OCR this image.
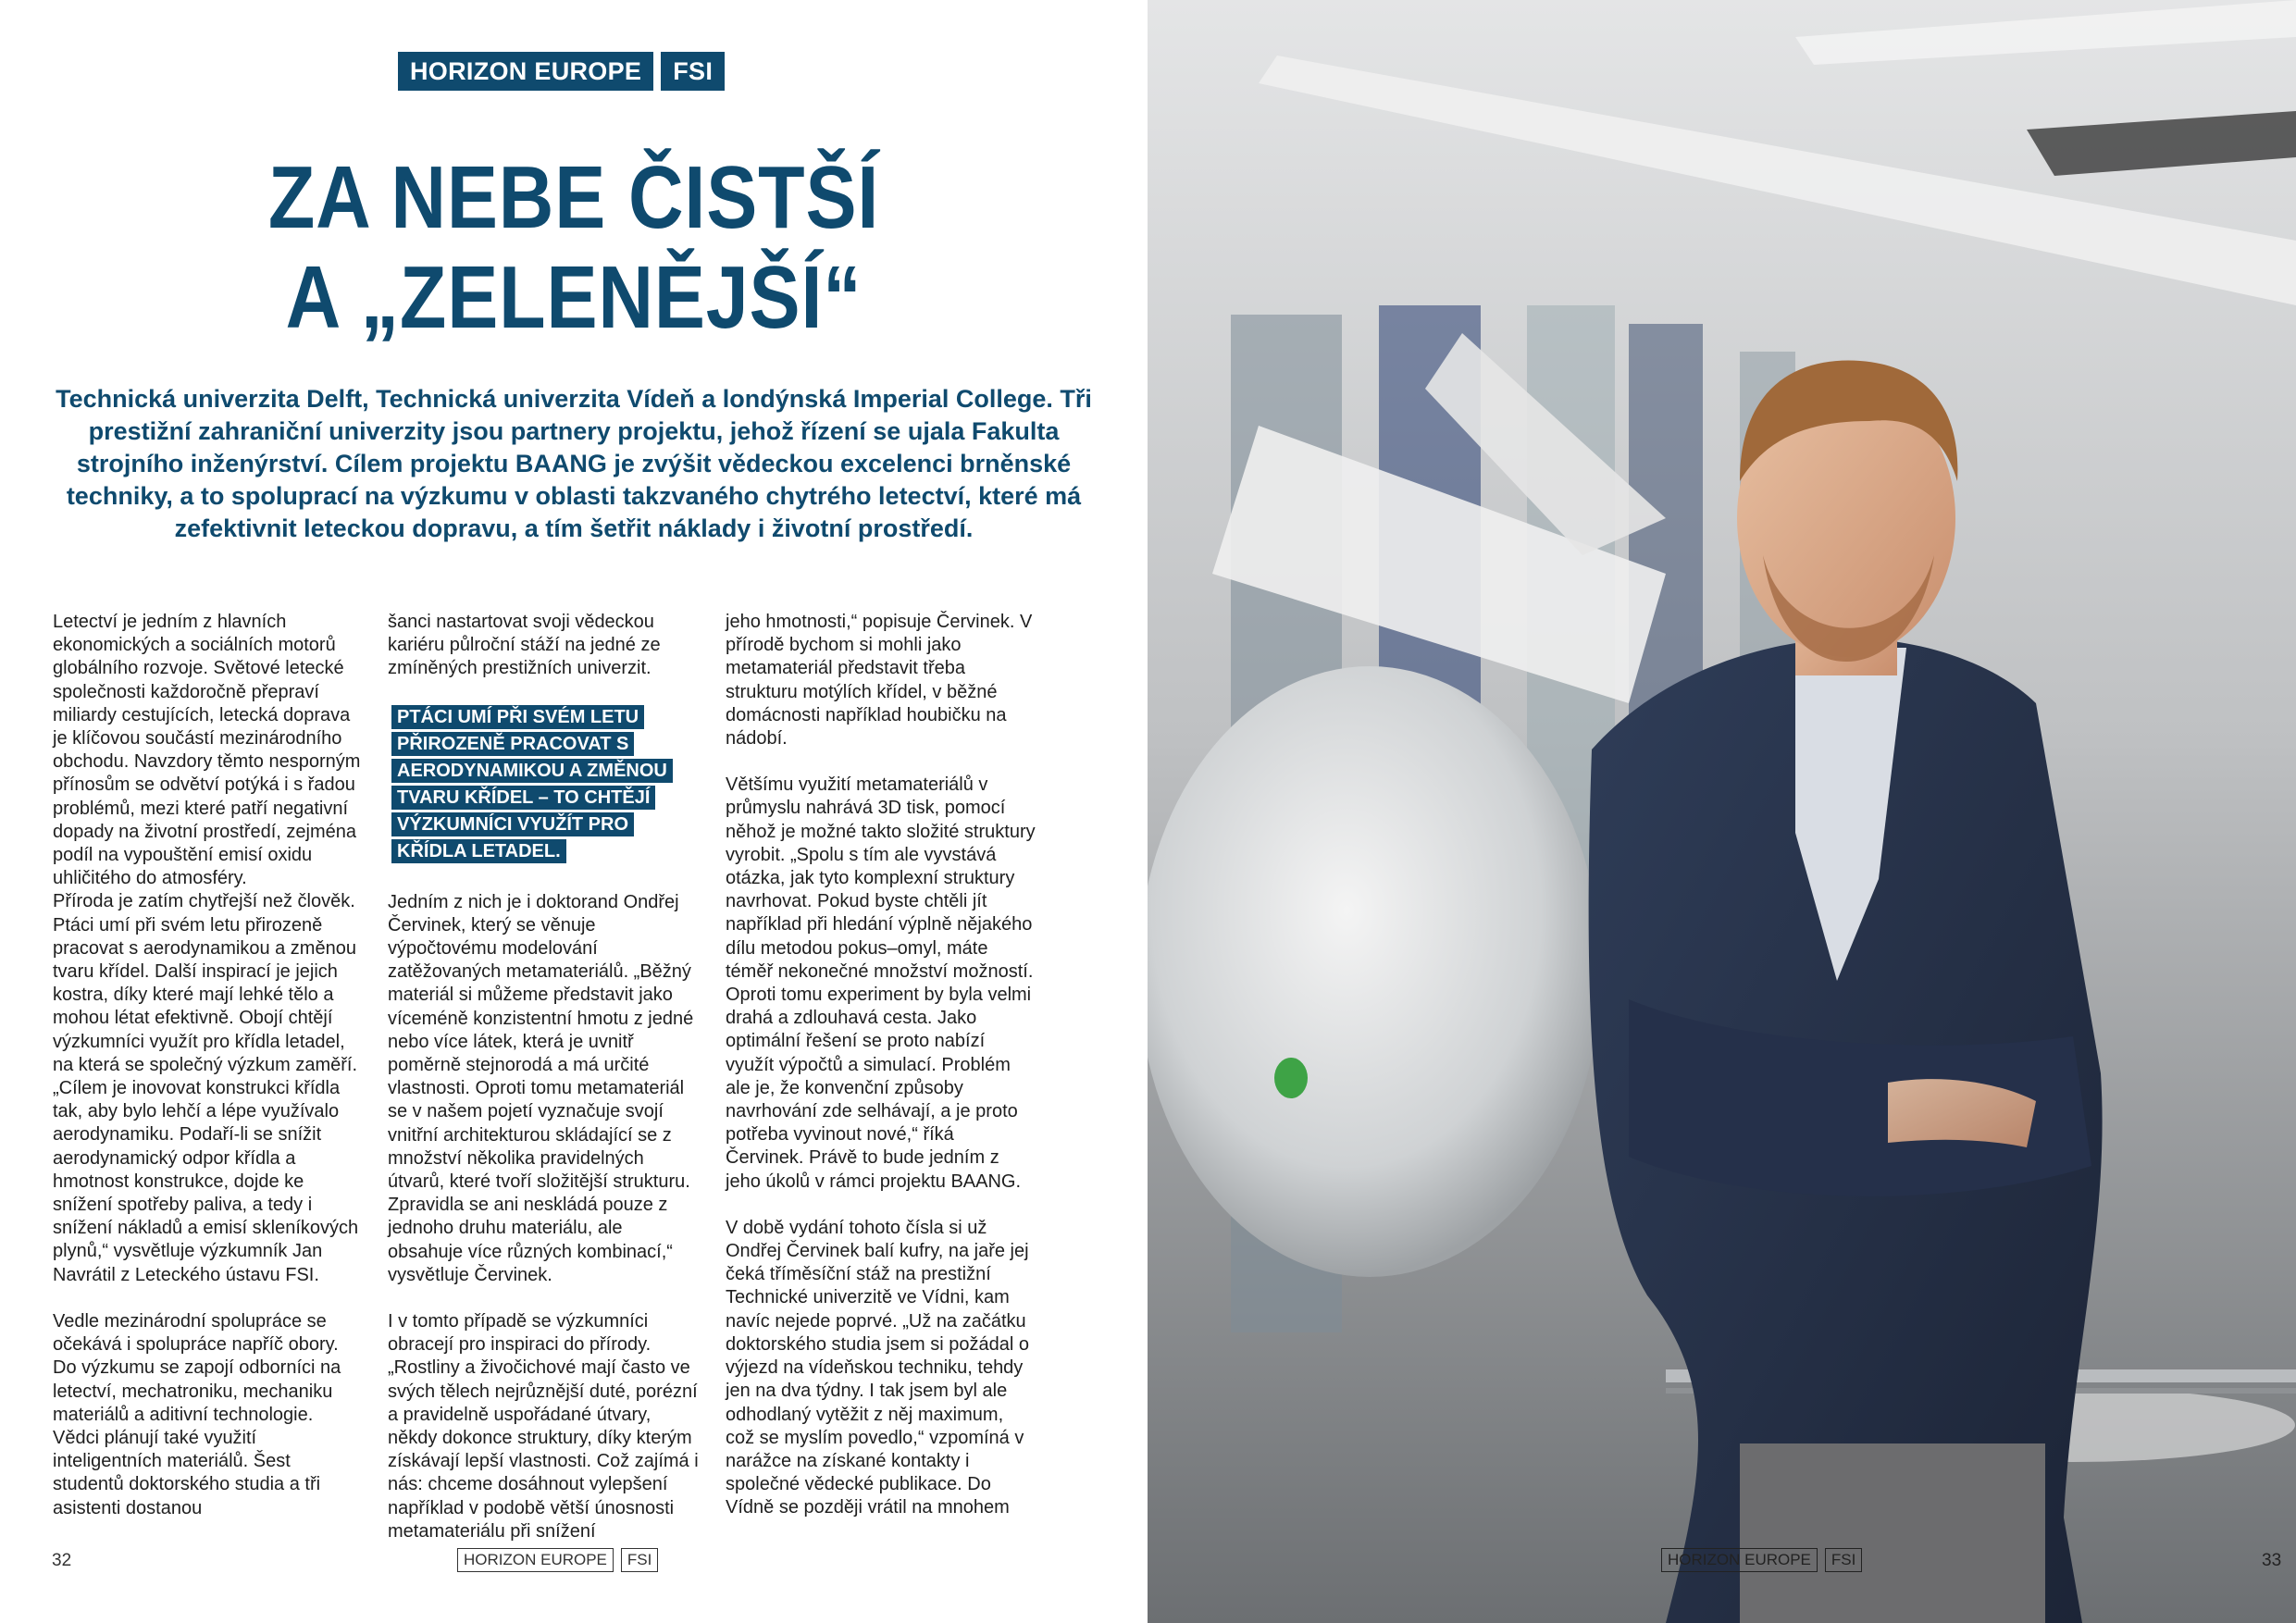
HORIZON EUROPE	FSI
ZA NEBE ČISTŠÍ
A „ZELENĚJŠÍ“
Technická univerzita Delft, Technická univerzita Vídeň a londýnská Imperial College. Tři prestižní zahraniční univerzity jsou partnery projektu, jehož řízení se ujala Fakulta strojního inženýrství. Cílem projektu BAANG je zvýšit vědeckou excelenci brněnské techniky, a to spoluprací na výzkumu v oblasti takzvaného chytrého letectví, které má zefektivnit leteckou dopravu, a tím šetřit náklady i životní prostředí.

Letectví je jedním z hlavních ekonomických a sociálních motorů globálního rozvoje. Světové letecké společnosti každoročně přepraví miliardy cestujících, letecká doprava je klíčovou součástí mezinárodního obchodu. Navzdory těmto nesporným přínosům se odvětví potýká i s řadou problémů, mezi které patří negativní dopady na životní prostředí, zejména podíl na vypouštění emisí oxidu uhličitého do atmosféry.

Příroda je zatím chytřejší než člověk. Ptáci umí při svém letu přirozeně pracovat s aerodynamikou a změnou tvaru křídel. Další inspirací je jejich kostra, díky které mají lehké tělo a mohou létat efektivně. Obojí chtějí výzkumníci využít pro křídla letadel, na která se společný výzkum zaměří. „Cílem je inovovat konstrukci křídla tak, aby bylo lehčí a lépe využívalo aerodynamiku. Podaří-li se snížit aerodynamický odpor křídla a hmotnost konstrukce, dojde ke snížení spotřeby paliva, a tedy i snížení nákladů a emisí skleníkových plynů,“ vysvětluje výzkumník Jan Navrátil z Leteckého ústavu FSI.

Vedle mezinárodní spolupráce se očekává i spolupráce napříč obory. Do výzkumu se zapojí odborníci na letectví, mechatroniku, mechaniku materiálů a aditivní technologie. Vědci plánují také využití inteligentních materiálů. Šest studentů doktorského studia a tři asistenti dostanou

šanci nastartovat svoji vědeckou kariéru půlroční stáží na jedné ze zmíněných prestižních univerzit.

PTÁCI UMÍ PŘI SVÉM LETU PŘIROZENĚ PRACOVAT S AERODYNAMIKOU A ZMĚNOU TVARU KŘÍDEL – TO CHTĚJÍ VÝZKUMNÍCI VYUŽÍT PRO KŘÍDLA LETADEL.

Jedním z nich je i doktorand Ondřej Červinek, který se věnuje výpočtovému modelování zatěžovaných metamateriálů. „Běžný materiál si můžeme představit jako víceméně konzistentní hmotu z jedné nebo více látek, která je uvnitř poměrně stejnorodá a má určité vlastnosti. Oproti tomu metamateriál se v našem pojetí vyznačuje svojí vnitřní architekturou skládající se z množství několika pravidelných útvarů, které tvoří složitější strukturu. Zpravidla se ani neskládá pouze z jednoho druhu materiálu, ale obsahuje více různých kombinací,“ vysvětluje Červinek.

I v tomto případě se výzkumníci obracejí pro inspiraci do přírody. „Rostliny a živočichové mají často ve svých tělech nejrůznější duté, porézní a pravidelně uspořádané útvary, někdy dokonce struktury, díky kterým získávají lepší vlastnosti. Což zajímá i nás: chceme dosáhnout vylepšení například v podobě větší únosnosti metamateriálu při snížení

jeho hmotnosti,“ popisuje Červinek. V přírodě bychom si mohli jako metamateriál představit třeba strukturu motýlích křídel, v běžné domácnosti například houbičku na nádobí.

Většímu využití metamateriálů v průmyslu nahrává 3D tisk, pomocí něhož je možné takto složité struktury vyrobit. „Spolu s tím ale vyvstává otázka, jak tyto komplexní struktury navrhovat. Pokud byste chtěli jít například při hledání výplně nějakého dílu metodou pokus–omyl, máte téměř nekonečné množství možností. Oproti tomu experiment by byla velmi drahá a zdlouhavá cesta. Jako optimální řešení se proto nabízí využít výpočtů a simulací. Problém ale je, že konvenční způsoby navrhování zde selhávají, a je proto potřeba vyvinout nové,“ říká Červinek. Právě to bude jedním z jeho úkolů v rámci projektu BAANG.

V době vydání tohoto čísla si už Ondřej Červinek balí kufry, na jaře jej čeká tříměsíční stáž na prestižní Technické univerzitě ve Vídni, kam navíc nejede poprvé. „Už na začátku doktorského studia jsem si požádal o výjezd na vídeňskou techniku, tehdy jen na dva týdny. I tak jsem byl ale odhodlaný vytěžit z něj maximum, což se myslím povedlo,“ vzpomíná v narážce na získané kontakty i společné vědecké publikace. Do Vídně se později vrátil na mnohem

32	HORIZON EUROPE	FSI	HORIZON EUROPE	FSI	33
